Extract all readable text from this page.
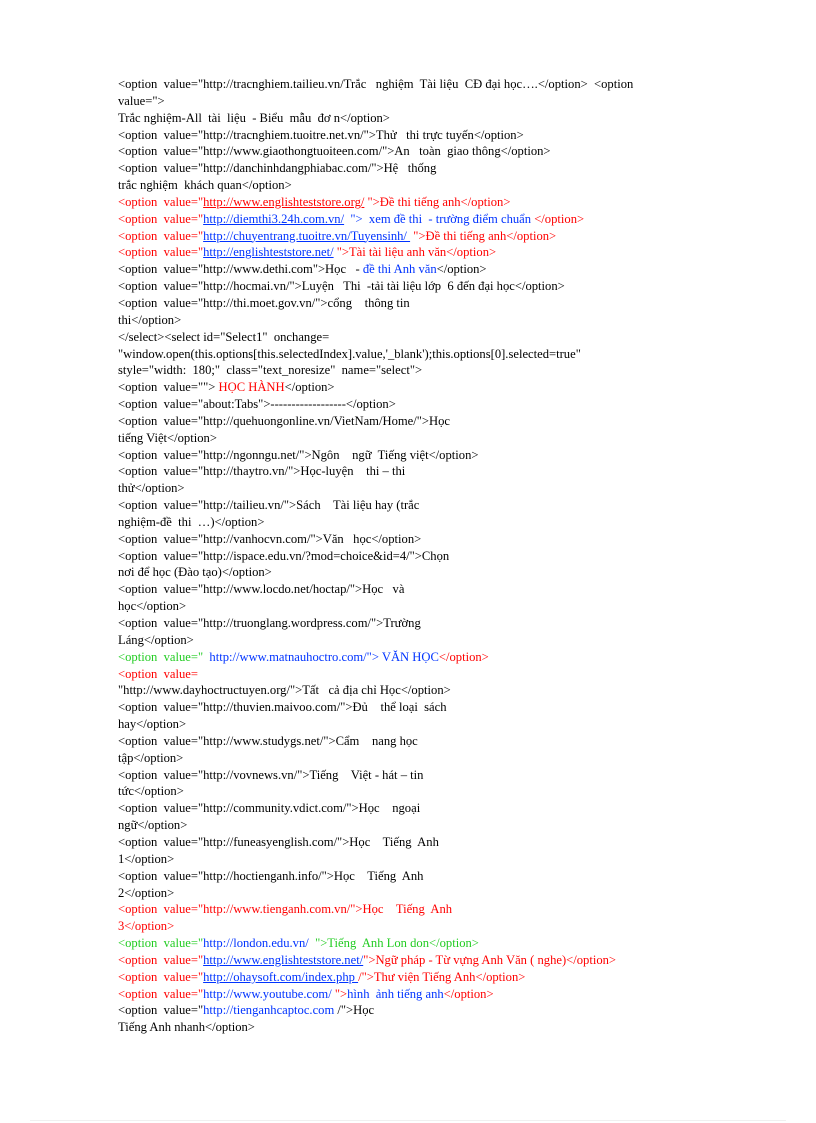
<option  value="http://tracnghiem.tailieu.vn/Trắc   nghiệm  Tài liệu  CĐ đại học….</option>  <option
value=">
Trắc nghiệm-All  tài  liệu  - Biểu  mẫu  đơ n</option>
<option  value="http://tracnghiem.tuoitre.net.vn/">Thử   thi trực tuyến</option>
<option  value="http://www.giaothongtuoiteen.com/">An   toàn  giao thông</option>
<option  value="http://danchinhdangphiabac.com/">Hệ   thống
trắc nghiệm  khách quan</option>
<option  value="http://www.englishteststore.org/ ">Đề thi tiếng anh</option>
<option  value="http://diemthi3.24h.com.vn/  ">  xem đề thi  - trường điểm chuẩn </option>
<option  value="http://chuyentrang.tuoitre.vn/Tuyensinh/  ">Đề thi tiếng anh</option>
<option  value="http://englishteststore.net/ ">Tài tài liệu anh văn</option>
<option  value="http://www.dethi.com">Học   - đề thi Anh văn</option>
<option  value="http://hocmai.vn/">Luyện   Thi  -tải tài liệu lớp  6 đến đại học</option>
<option  value="http://thi.moet.gov.vn/">cổng    thông tin
thi</option>
</select><select id="Select1"  onchange=
"window.open(this.options[this.selectedIndex].value,'_blank');this.options[0].selected=true"
style="width:  180;"  class="text_noresize"  name="select">
<option  value=""> HỌC HÀNH</option>
<option  value="about:Tabs">------------------</option>
<option  value="http://quehuongonline.vn/VietNam/Home/">Học
tiếng Việt</option>
<option  value="http://ngonngu.net/">Ngôn    ngữ  Tiếng việt</option>
<option  value="http://thaytro.vn/">Học-luyện    thi – thi
thử</option>
<option  value="http://tailieu.vn/">Sách    Tài liệu hay (trắc
nghiệm-đề  thi  …)</option>
<option  value="http://vanhocvn.com/">Văn   học</option>
<option  value="http://ispace.edu.vn/?mod=choice&id=4/">Chọn
nơi để học (Đào tạo)</option>
<option  value="http://www.locdo.net/hoctap/">Học   và
học</option>
<option  value="http://truonglang.wordpress.com/">Trường
Láng</option>
<option  value="  http://www.matnauhoctro.com/"> VĂN HỌC</option>
<option  value=
"http://www.dayhoctructuyen.org/">Tất   cả địa chỉ Học</option>
<option  value="http://thuvien.maivoo.com/">Đủ    thể loại  sách
hay</option>
<option  value="http://www.studygs.net/">Cẩm    nang học
tập</option>
<option  value="http://vovnews.vn/">Tiếng    Việt - hát – tin
tức</option>
<option  value="http://community.vdict.com/">Học    ngoại
ngữ</option>
<option  value="http://funeasyenglish.com/">Học    Tiếng  Anh
1</option>
<option  value="http://hoctienganh.info/">Học    Tiếng  Anh
2</option>
<option  value="http://www.tienganh.com.vn/">Học    Tiếng  Anh
3</option>
<option  value="http://london.edu.vn/  ">Tiếng  Anh Lon don</option>
<option  value="http://www.englishteststore.net/">Ngữ pháp - Từ vựng Anh Văn ( nghe)</option>
<option  value="http://ohaysoft.com/index.php /">Thư viện Tiếng Anh</option>
<option  value="http://www.youtube.com/ ">hình  ảnh tiếng anh</option>
<option  value="http://tienganhcaptoc.com /">Học
Tiếng Anh nhanh</option>
